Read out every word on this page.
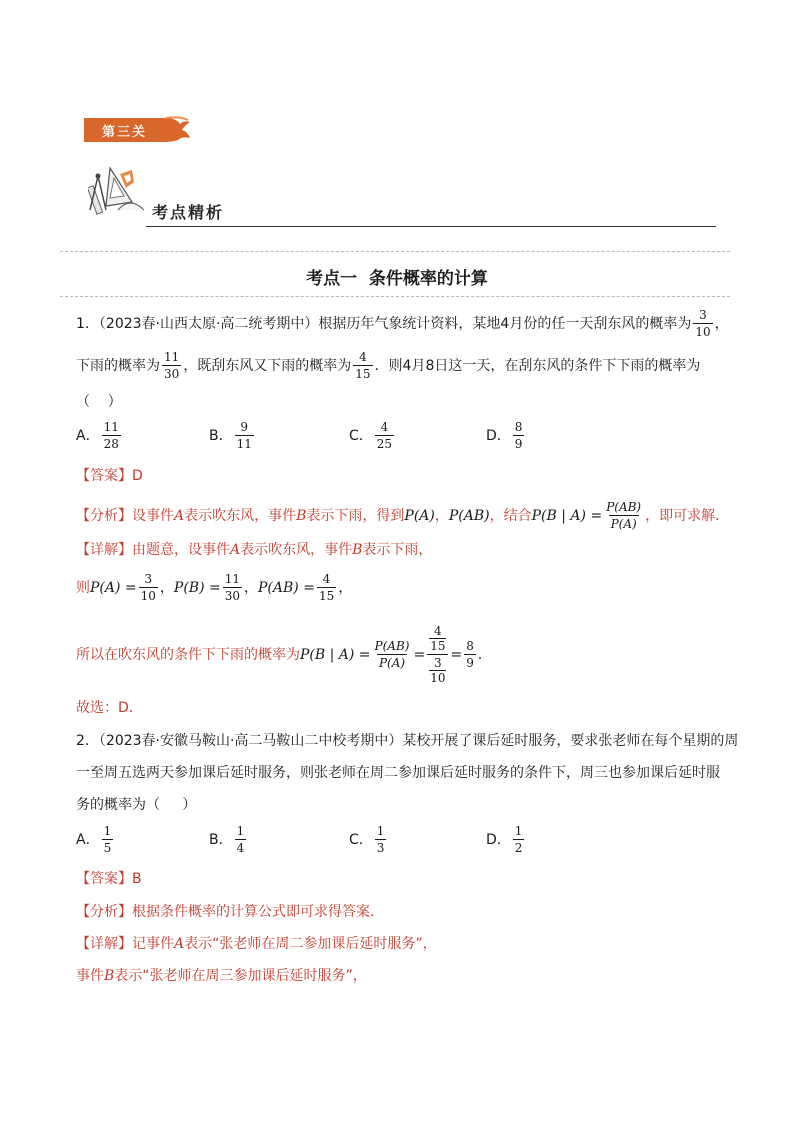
第三关
考点精析
考点一  条件概率的计算
1．（2023春·山西太原·高二统考期中）根据历年气象统计资料，某地4月份的任一天刮东风的概率为 $\frac{3}{10}$ ，
下雨的概率为 $\frac{11}{30}$ ，既刮东风又下雨的概率为 $\frac{4}{15}$ ．则4月8日这一天，在刮东风的条件下下雨的概率为
（    ）
A． $\frac{11}{28}$	B． $\frac{9}{11}$	C． $\frac{4}{25}$	D． $\frac{8}{9}$
【答案】 D
【分析】 设事件 A 表示吹东风，事件 B 表示下雨，得到 P(A) ， P(AB) ，结合 P(B | $A) = \frac{P(AB)}{P(A)}$ ，即可求解．
【详解】 由题意，设事件 A 表示吹东风，事件 B 表示下雨，
则 $P(A) = \frac{3}{10}$ ， $P(B) = \frac{11}{30}$ ， $P(AB) = \frac{4}{15}$ ，
所以在吹东风的条件下下雨的概率为 P(B | $A) = \frac{P(AB)}{P(A)} = \frac{\frac{4}{15}}{\frac{3}{10}} = \frac{8}{9}$ ．
故选：D．
2．（2023春·安徽马鞍山·高二马鞍山二中校考期中）某校开展了课后延时服务，要求张老师在每个星期的周
一至周五选两天参加课后延时服务，则张老师在周二参加课后延时服务的条件下，周三也参加课后延时服
务的概率为（     ）
A． $\frac{1}{5}$	B． $\frac{1}{4}$	C． $\frac{1}{3}$	D． $\frac{1}{2}$
【答案】 B
【分析】 根据条件概率的计算公式即可求得答案.
【详解】 记事件 A 表示“张老师在周二参加课后延时服务”，
事件 B 表示“张老师在周三参加课后延时服务”，
